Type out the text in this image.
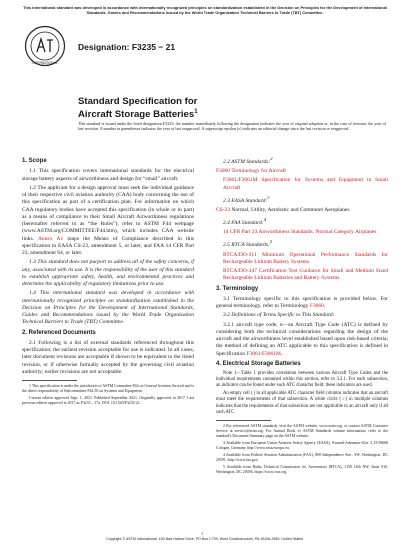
This international standard was developed in accordance with internationally recognized principles on standardization established in the Decision on Principles for the Development of International Standards, Guides and Recommendations issued by the World Trade Organization Technical Barriers to Trade (TBT) Committee.
INTERNATIONAL
Designation: F3235 − 21
Standard Specification for
Aircraft Storage Batteries$^1$
This standard is issued under the fixed designation F3235; the number immediately following the designation indicates the year of original adoption or, in the case of revision, the year of last revision. A number in parentheses indicates the year of last reapproval. A superscript epsilon (ε) indicates an editorial change since the last revision or reapproval.
1. Scope

1.1 This specification covers international standards for the electrical storage battery aspects of airworthiness and design for “small” aircraft.

1.2 The applicant for a design approval must seek the individual guidance of their respective civil aviation authority (CAA) body concerning the use of this specification as part of a certification plan. For information on which CAA regulatory bodies have accepted this specification (in whole or in part) as a means of compliance to their Small Aircraft Airworthiness regulations (hereinafter referred to as “the Rules”), refer to ASTM F44 webpage (www.ASTM.org/COMMITTEE/F44.htm), which includes CAA website links. Annex A1 maps the Means of Compliance described in this specification to EASA CS-23, amendment 5, or later, and FAA 14 CFR Part 23, amendment 64, or later.

1.3 This standard does not purport to address all of the safety concerns, if any, associated with its use. It is the responsibility of the user of this standard to establish appropriate safety, health, and environmental practices and determine the applicability of regulatory limitations prior to use.

1.4 This international standard was developed in accordance with internationally recognized principles on standardization established in the Decision on Principles for the Development of International Standards, Guides and Recommendations issued by the World Trade Organization Technical Barriers to Trade (TBT) Committee.

2. Referenced Documents

2.1 Following is a list of external standards referenced throughout this specification; the earliest revision acceptable for use is indicated. In all cases, later document revisions are acceptable if shown to be equivalent to the listed revision, or if otherwise formally accepted by the governing civil aviation authority; earlier revisions are not acceptable.

1 This specification is under the jurisdiction of ASTM Committee F44 on General Aviation Aircraft and is the direct responsibility of Subcommittee F44.50 on Systems and Equipment.

Current edition approved Sept. 1, 2021. Published September 2021. Originally approved in 2017. Last previous edition approved in 2017 as F3235 – 17a. DOI: 10.1520/F3235-21.

2.2 ASTM Standards:$^2$

F3060 Terminology for Aircraft

F3061/F3061M Specification for Systems and Equipment in Small Aircraft

2.3 EASA Standard:$^3$

CS-23 Normal, Utility, Aerobatic and Commuter Aeroplanes

2.4 FAA Standard:$^4$

14 CFR Part 23 Airworthiness Standards: Normal Category Airplanes

2.5 RTCA Standards:$^5$

RTCA/DO-311 Minimum Operational Performance Standards for Rechargeable Lithium Battery Systems

RTCA/DO-347 Certification Test Guidance for Small and Medium Sized Rechargeable Lithium Batteries and Battery Systems

3. Terminology

3.1 Terminology specific to this specification is provided below. For general terminology, refer to Terminology F3060.

3.2 Definitions of Terms Specific to This Standard:

3.2.1 aircraft type code, n—an Aircraft Type Code (ATC) is defined by considering both the technical considerations regarding the design of the aircraft and the airworthiness level established based upon risk-based criteria; the method of defining an ATC applicable to this specification is defined in Specification F3061/F3061M.

4. Electrical Storage Batteries

Note 1—Table 1 provides correlation between various Aircraft Type Codes and the individual requirements contained within this section, refer to 3.2.1. For each subsection, an indicator can be found under each ATC character field; these indicators are used.

An empty cell ( ) in all applicable ATC character field columns indicates that an aircraft must meet the requirements of that subsection. A white circle (○) in multiple columns indicates that the requirements of that subsection are not applicable to an aircraft only if all such ATC

2 For referenced ASTM standards, visit the ASTM website, www.astm.org, or contact ASTM Customer Service at service@astm.org. For Annual Book of ASTM Standards volume information, refer to the standard's Document Summary page on the ASTM website.

3 Available from European Union Aviation Safety Agency (EASA), Konrad-Adenauer-Ufer 3, D-50668 Cologne, Germany, http://www.easa.europa.eu.

4 Available from Federal Aviation Administration (FAA), 800 Independence Ave., SW, Washington, DC 20591, http://www.faa.gov.

5 Available from Radio Technical Commission for Aeronautics (RTCA), 1150 18th NW, Suite 910, Washington, DC 20036, https://www.rtca.org.

1
Copyright © ASTM International, 100 Barr Harbor Drive, PO Box C700, West Conshohocken, PA 19428-2959. United States
